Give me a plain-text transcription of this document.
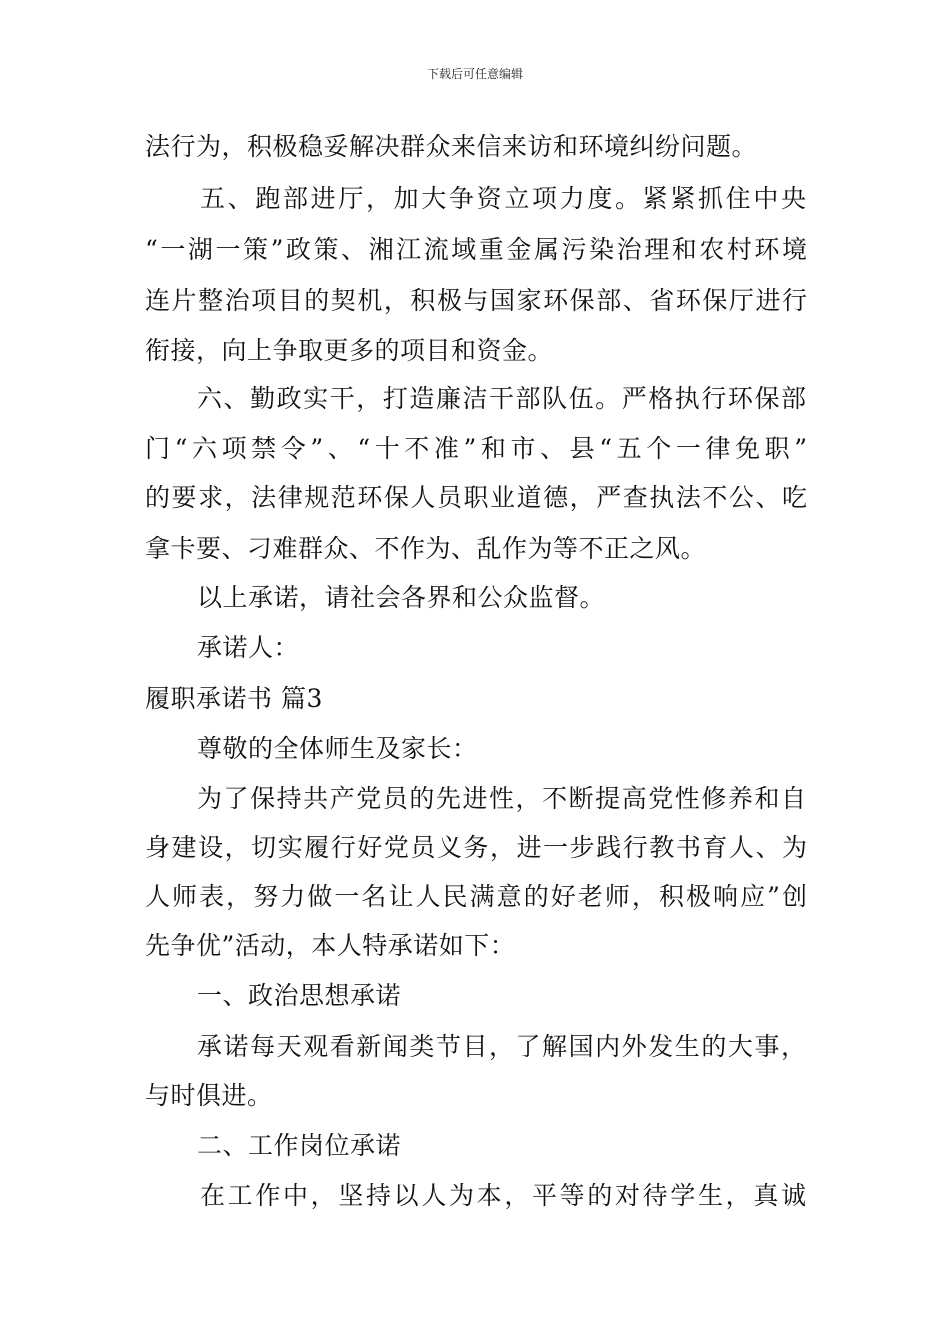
下载后可任意编辑
法行为，积极稳妥解决群众来信来访和环境纠纷问题。
五、跑部进厅，加大争资立项力度。紧紧抓住中央
“一湖一策”政策、湘江流域重金属污染治理和农村环境
连片整治项目的契机，积极与国家环保部、省环保厅进行
衔接，向上争取更多的项目和资金。
六、勤政实干，打造廉洁干部队伍。严格执行环保部
门“六项禁令”、“十不准”和市、县“五个一律免职”
的要求，法律规范环保人员职业道德，严查执法不公、吃
拿卡要、刁难群众、不作为、乱作为等不正之风。
以上承诺，请社会各界和公众监督。
承诺人：
履职承诺书 篇3
尊敬的全体师生及家长：
为了保持共产党员的先进性，不断提高党性修养和自
身建设，切实履行好党员义务，进一步践行教书育人、为
人师表，努力做一名让人民满意的好老师，积极响应”创
先争优”活动，本人特承诺如下：
一、政治思想承诺
承诺每天观看新闻类节目，了解国内外发生的大事，
与时俱进。
二、工作岗位承诺
在工作中，坚持以人为本，平等的对待学生，真诚
